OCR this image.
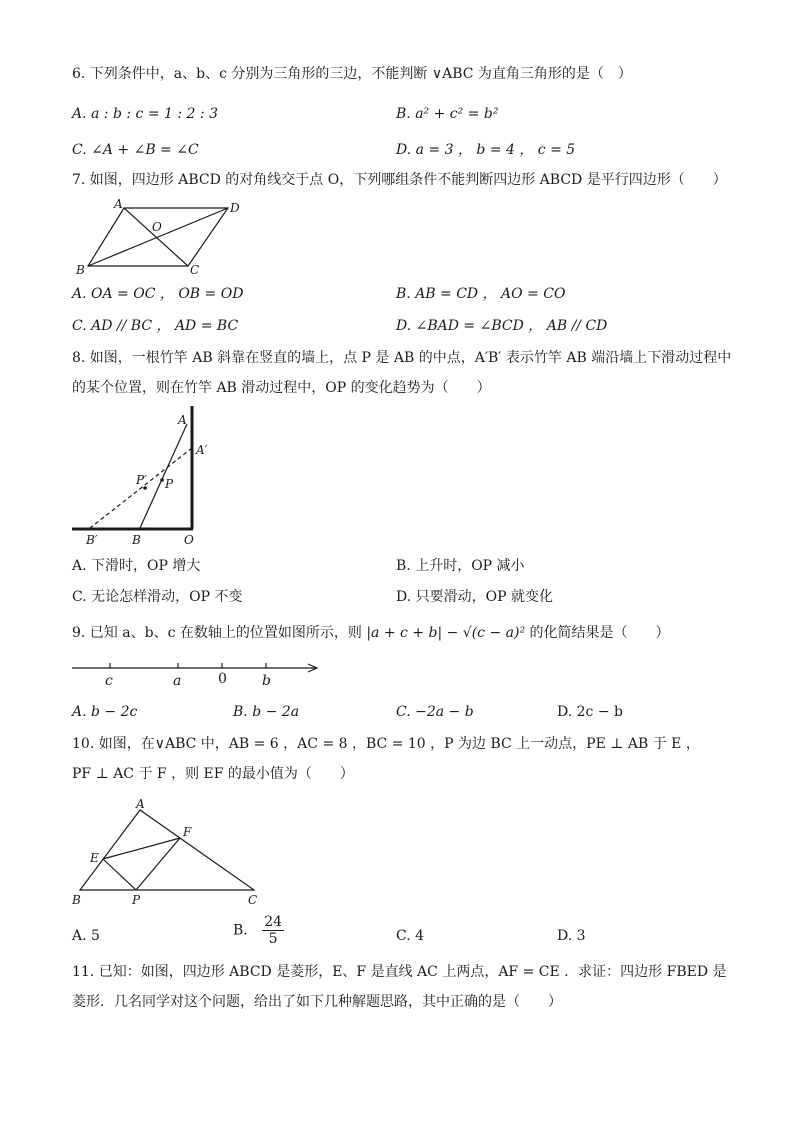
6. 下列条件中，a、b、c 分别为三角形的三边，不能判断 ∨ABC 为直角三角形的是（　）
A. a : b : c = 1 : 2 : 3	B. a² + c² = b²
C. ∠A + ∠B = ∠C	D. a = 3 ， b = 4 ， c = 5
7. 如图，四边形 ABCD 的对角线交于点 O，下列哪组条件不能判断四边形 ABCD 是平行四边形（　　）
A	D
B	C
O
A. OA = OC ， OB = OD	B. AB = CD ， AO = CO
C. AD // BC ， AD = BC	D. ∠BAD = ∠BCD ， AB // CD
8. 如图，一根竹竿 AB 斜靠在竖直的墙上，点 P 是 AB 的中点，A′B′ 表示竹竿 AB 端沿墙上下滑动过程中
的某个位置，则在竹竿 AB 滑动过程中，OP 的变化趋势为（　　）
A
A′
P′ P
B′	B	O
A. 下滑时，OP 增大	B. 上升时，OP 减小
C. 无论怎样滑动，OP 不变	D. 只要滑动，OP 就变化
9. 已知 a、b、c 在数轴上的位置如图所示，则 |a + c + b| − √(c − a)² 的化简结果是（　　）
c	a	0	b
A. b − 2c	B. b − 2a	C. −2a − b	D. 2c − b
10. 如图，在∨ABC 中，AB = 6 ，AC = 8 ，BC = 10 ，P 为边 BC 上一动点，PE ⊥ AB 于 E ，
PF ⊥ AC 于 F ，则 EF 的最小值为（　　）
A
F
E
B	P	C
A. 5	B. $\frac{24}{5}$	C. 4	D. 3
11. 已知：如图，四边形 ABCD 是菱形，E、F 是直线 AC 上两点，AF = CE ．求证：四边形 FBED 是
菱形．几名同学对这个问题，给出了如下几种解题思路，其中正确的是（　　）
